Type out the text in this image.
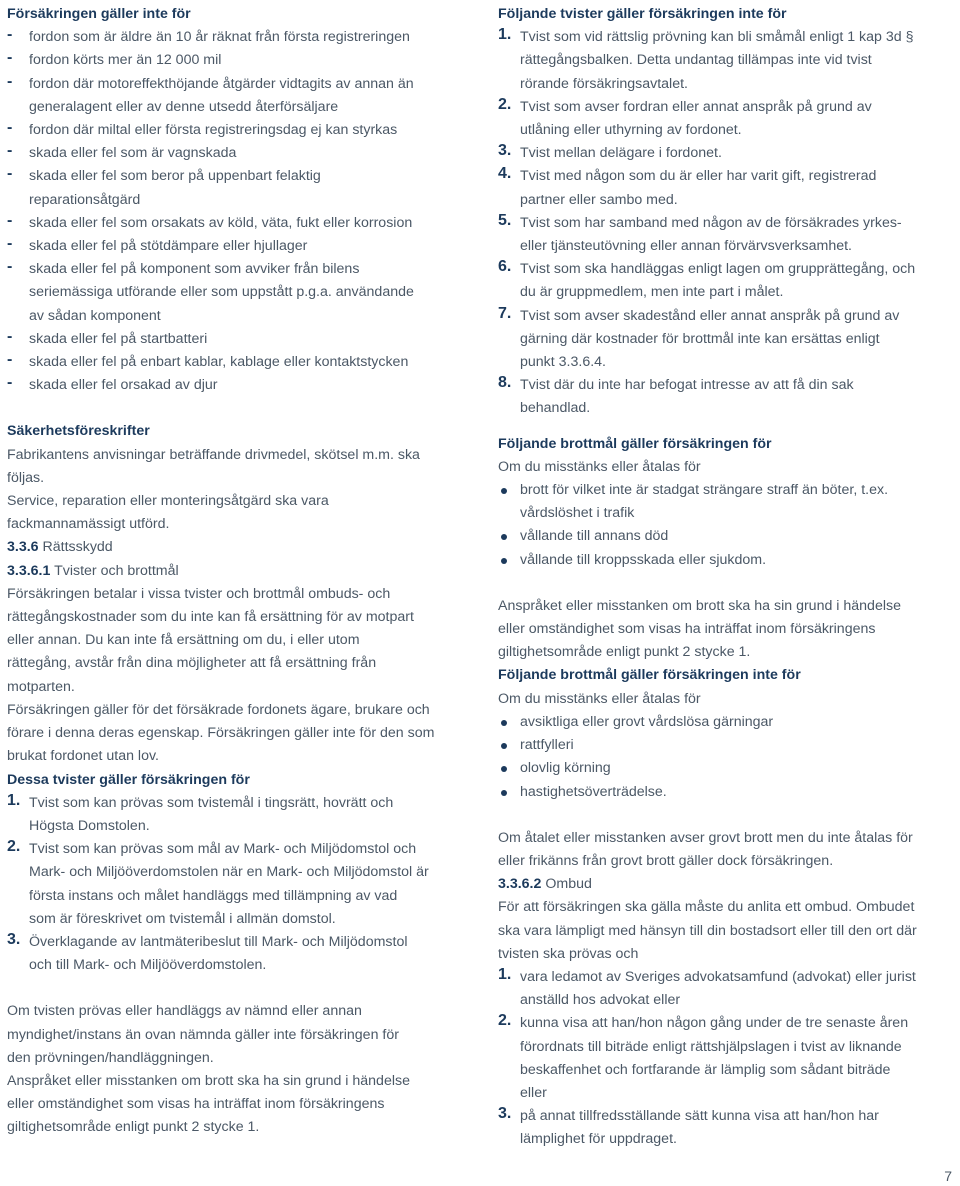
Försäkringen gäller inte för
- fordon som är äldre än 10 år räknat från första registreringen
- fordon körts mer än 12 000 mil
- fordon där motoreffekthöjande åtgärder vidtagits av annan än
generalagent eller av denne utsedd återförsäljare
- fordon där miltal eller första registreringsdag ej kan styrkas
- skada eller fel som är vagnskada
- skada eller fel som beror på uppenbart felaktig
reparationsåtgärd
- skada eller fel som orsakats av köld, väta, fukt eller korrosion
- skada eller fel på stötdämpare eller hjullager
- skada eller fel på komponent som avviker från bilens
seriemässiga utförande eller som uppstått p.g.a. användande
av sådan komponent
- skada eller fel på startbatteri
- skada eller fel på enbart kablar, kablage eller kontaktstycken
- skada eller fel orsakad av djur
Säkerhetsföreskrifter
Fabrikantens anvisningar beträffande drivmedel, skötsel m.m. ska
följas.
Service, reparation eller monteringsåtgärd ska vara
fackmannamässigt utförd.
3.3.6 Rättsskydd
3.3.6.1 Tvister och brottmål
Försäkringen betalar i vissa tvister och brottmål ombuds- och
rättegångskostnader som du inte kan få ersättning för av motpart
eller annan. Du kan inte få ersättning om du, i eller utom
rättegång, avstår från dina möjligheter att få ersättning från
motparten.
Försäkringen gäller för det försäkrade fordonets ägare, brukare och
förare i denna deras egenskap. Försäkringen gäller inte för den som
brukat fordonet utan lov.
Dessa tvister gäller försäkringen för
1. Tvist som kan prövas som tvistemål i tingsrätt, hovrätt och
Högsta Domstolen.
2. Tvist som kan prövas som mål av Mark- och Miljödomstol och
Mark- och Miljööverdomstolen när en Mark- och Miljödomstol är
första instans och målet handläggs med tillämpning av vad
som är föreskrivet om tvistemål i allmän domstol.
3. Överklagande av lantmäteribeslut till Mark- och Miljödomstol
och till Mark- och Miljööverdomstolen.
Om tvisten prövas eller handläggs av nämnd eller annan
myndighet/instans än ovan nämnda gäller inte försäkringen för
den prövningen/handläggningen.
Anspråket eller misstanken om brott ska ha sin grund i händelse
eller omständighet som visas ha inträffat inom försäkringens
giltighetsområde enligt punkt 2 stycke 1.
Följande tvister gäller försäkringen inte för
1. Tvist som vid rättslig prövning kan bli småmål enligt 1 kap 3d §
rättegångsbalken. Detta undantag tillämpas inte vid tvist
rörande försäkringsavtalet.
2. Tvist som avser fordran eller annat anspråk på grund av
utlåning eller uthyrning av fordonet.
3. Tvist mellan delägare i fordonet.
4. Tvist med någon som du är eller har varit gift, registrerad
partner eller sambo med.
5. Tvist som har samband med någon av de försäkrades yrkes-
eller tjänsteutövning eller annan förvärvsverksamhet.
6. Tvist som ska handläggas enligt lagen om grupprättegång, och
du är gruppmedlem, men inte part i målet.
7. Tvist som avser skadestånd eller annat anspråk på grund av
gärning där kostnader för brottmål inte kan ersättas enligt
punkt 3.3.6.4.
8. Tvist där du inte har befogat intresse av att få din sak
behandlad.
Följande brottmål gäller försäkringen för
Om du misstänks eller åtalas för
brott för vilket inte är stadgat strängare straff än böter, t.ex.
vårdslöshet i trafik
vållande till annans död
vållande till kroppsskada eller sjukdom.
Anspråket eller misstanken om brott ska ha sin grund i händelse
eller omständighet som visas ha inträffat inom försäkringens
giltighetsområde enligt punkt 2 stycke 1.
Följande brottmål gäller försäkringen inte för
Om du misstänks eller åtalas för
avsiktliga eller grovt vårdslösa gärningar
rattfylleri
olovlig körning
hastighetsöverträdelse.
Om åtalet eller misstanken avser grovt brott men du inte åtalas för
eller frikänns från grovt brott gäller dock försäkringen.
3.3.6.2 Ombud
För att försäkringen ska gälla måste du anlita ett ombud. Ombudet
ska vara lämpligt med hänsyn till din bostadsort eller till den ort där
tvisten ska prövas och
1. vara ledamot av Sveriges advokatsamfund (advokat) eller jurist
anställd hos advokat eller
2. kunna visa att han/hon någon gång under de tre senaste åren
förordnats till biträde enligt rättshjälpslagen i tvist av liknande
beskaffenhet och fortfarande är lämplig som sådant biträde
eller
3. på annat tillfredsställande sätt kunna visa att han/hon har
lämplighet för uppdraget.
7
